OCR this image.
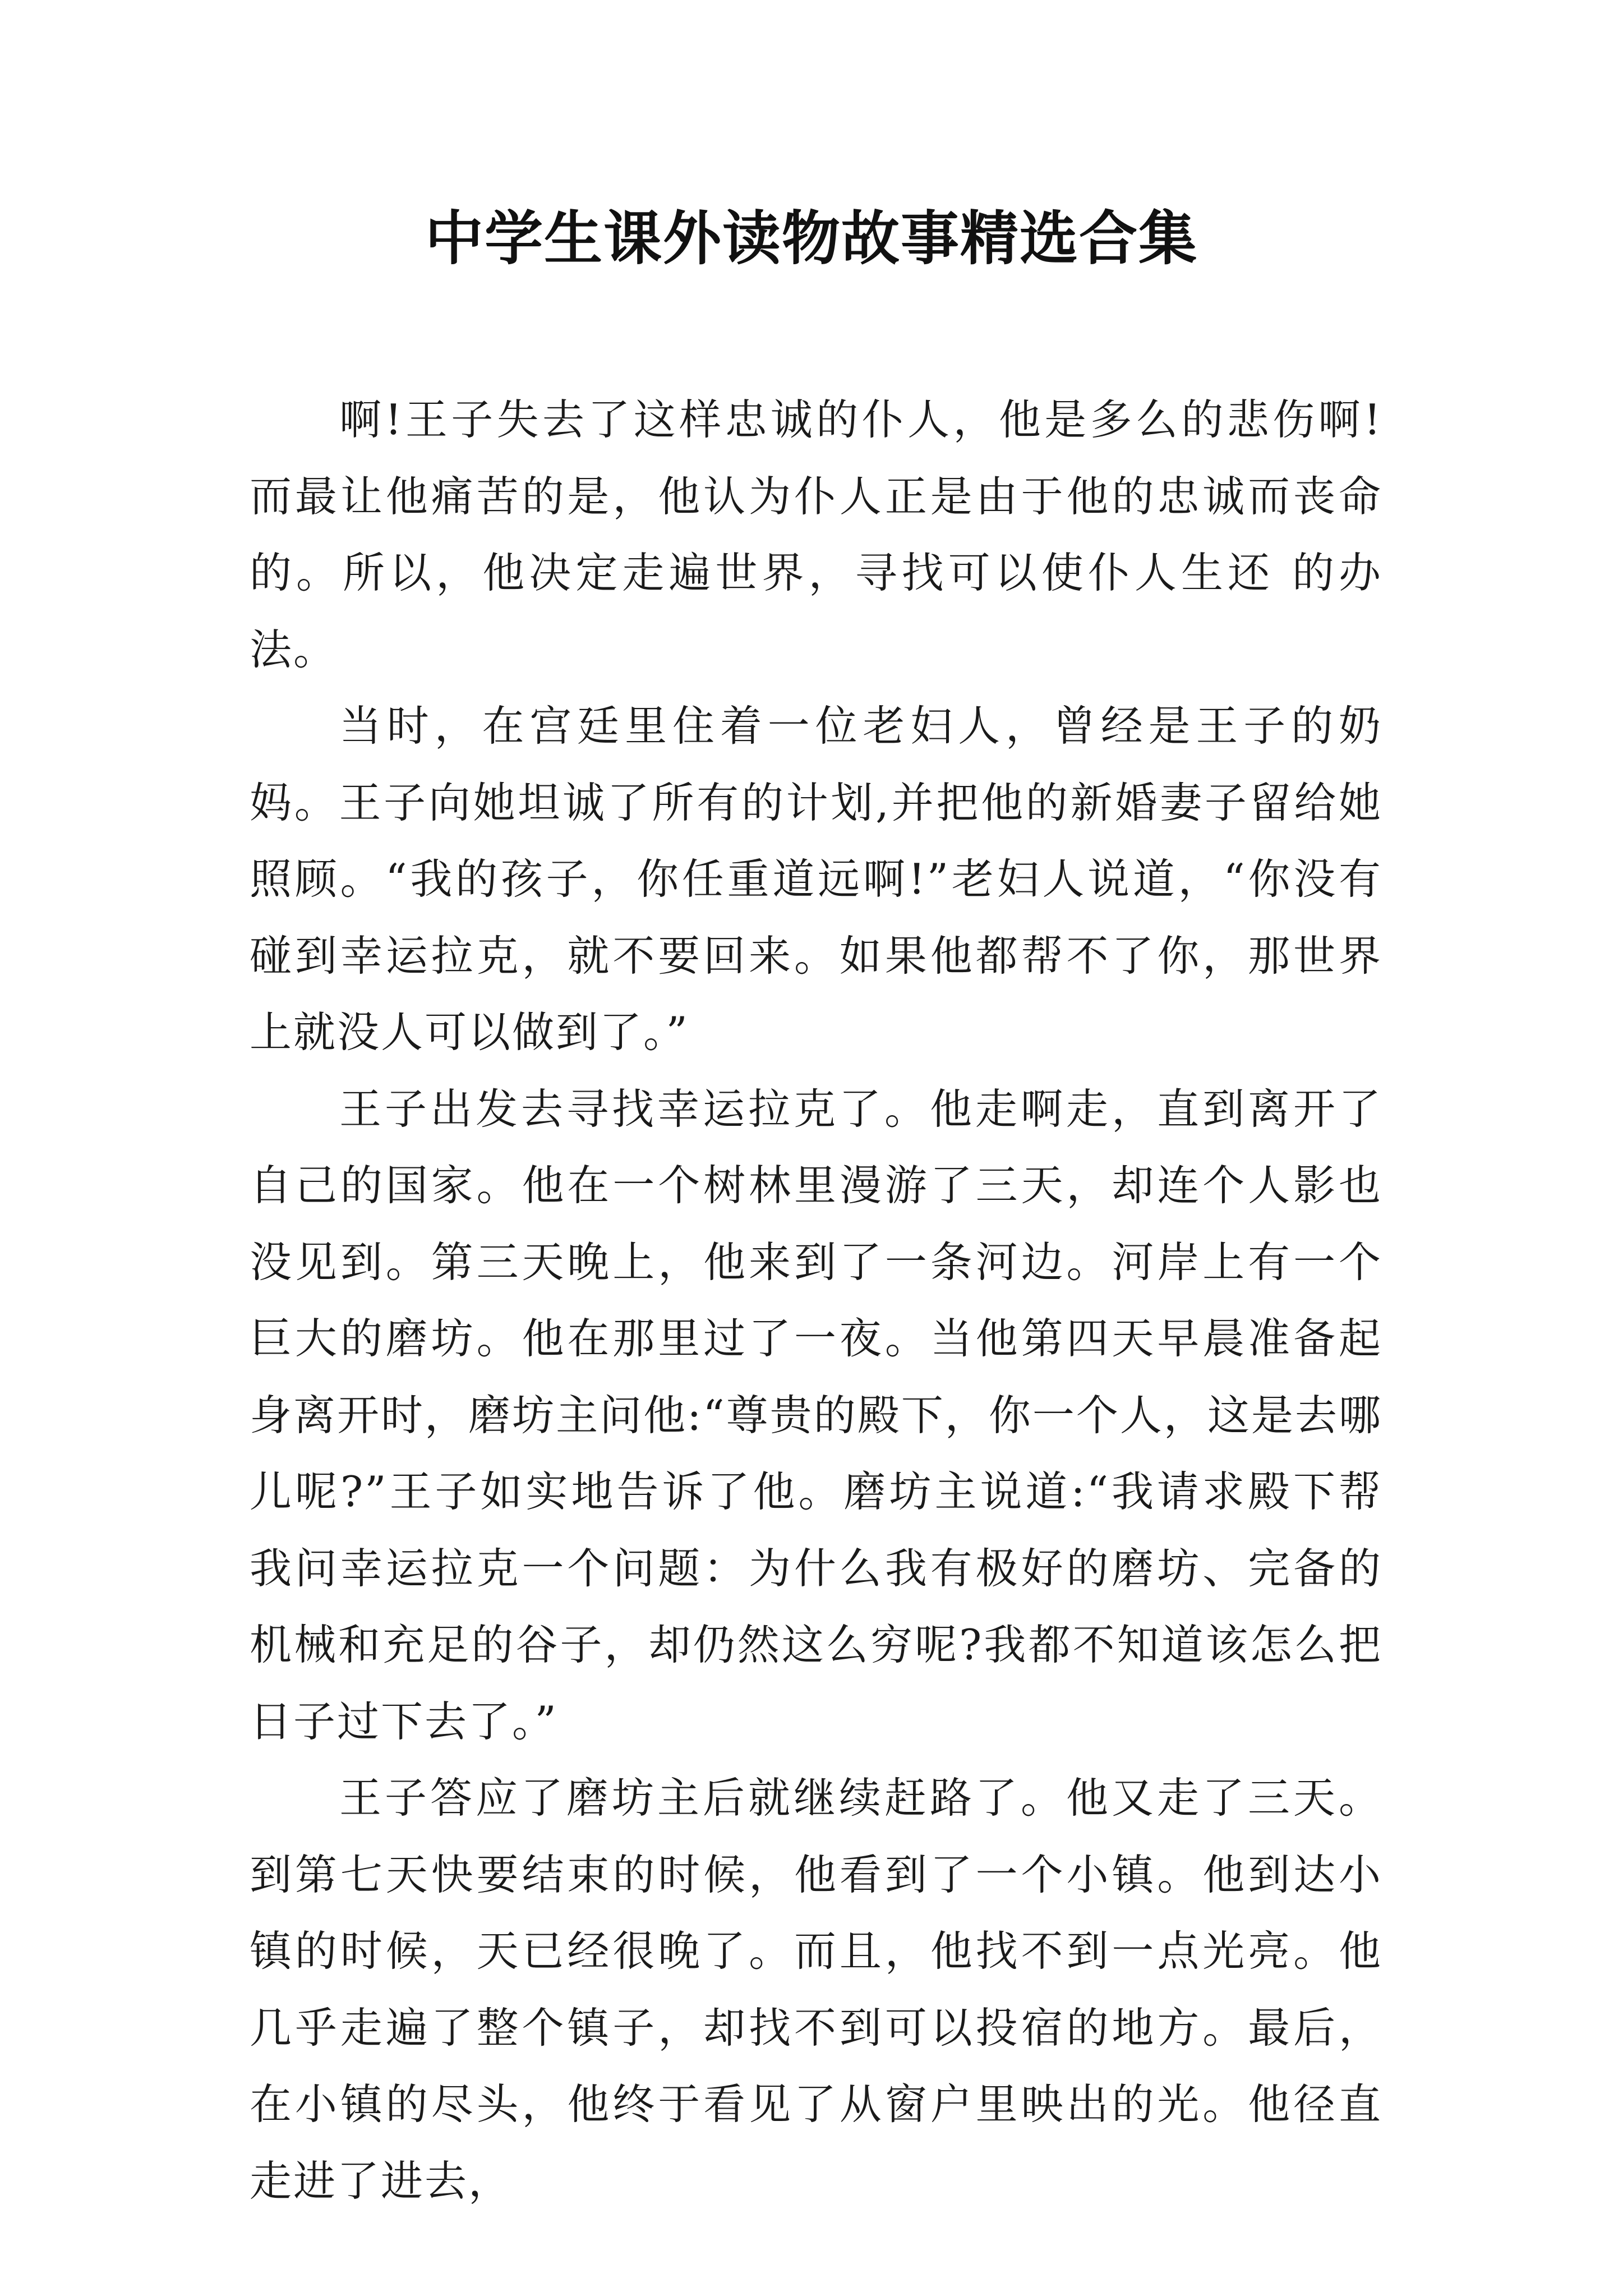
中学生课外读物故事精选合集

啊!王子失去了这样忠诚的仆人，他是多么的悲伤啊!而最让他痛苦的是，他认为仆人正是由于他的忠诚而丧命的。所以，他决定走遍世界，寻找可以使仆人生还 的办法。

当时，在宫廷里住着一位老妇人，曾经是王子的奶妈。王子向她坦诚了所有的计划,并把他的新婚妻子留给她照顾。“我的孩子，你任重道远啊!”老妇人说道，“你没有碰到幸运拉克，就不要回来。如果他都帮不了你，那世界上就没人可以做到了。”

王子出发去寻找幸运拉克了。他走啊走，直到离开了自己的国家。他在一个树林里漫游了三天，却连个人影也没见到。第三天晚上，他来到了一条河边。河岸上有一个巨大的磨坊。他在那里过了一夜。当他第四天早晨准备起身离开时，磨坊主问他:“尊贵的殿下，你一个人，这是去哪儿呢?”王子如实地告诉了他。磨坊主说道:“我请求殿下帮我问幸运拉克一个问题：为什么我有极好的磨坊、完备的机械和充足的谷子，却仍然这么穷呢?我都不知道该怎么把日子过下去了。”

王子答应了磨坊主后就继续赶路了。他又走了三天。到第七天快要结束的时候，他看到了一个小镇。他到达小镇的时候，天已经很晚了。而且，他找不到一点光亮。他几乎走遍了整个镇子，却找不到可以投宿的地方。最后，在小镇的尽头，他终于看见了从窗户里映出的光。他径直走进了进去，
